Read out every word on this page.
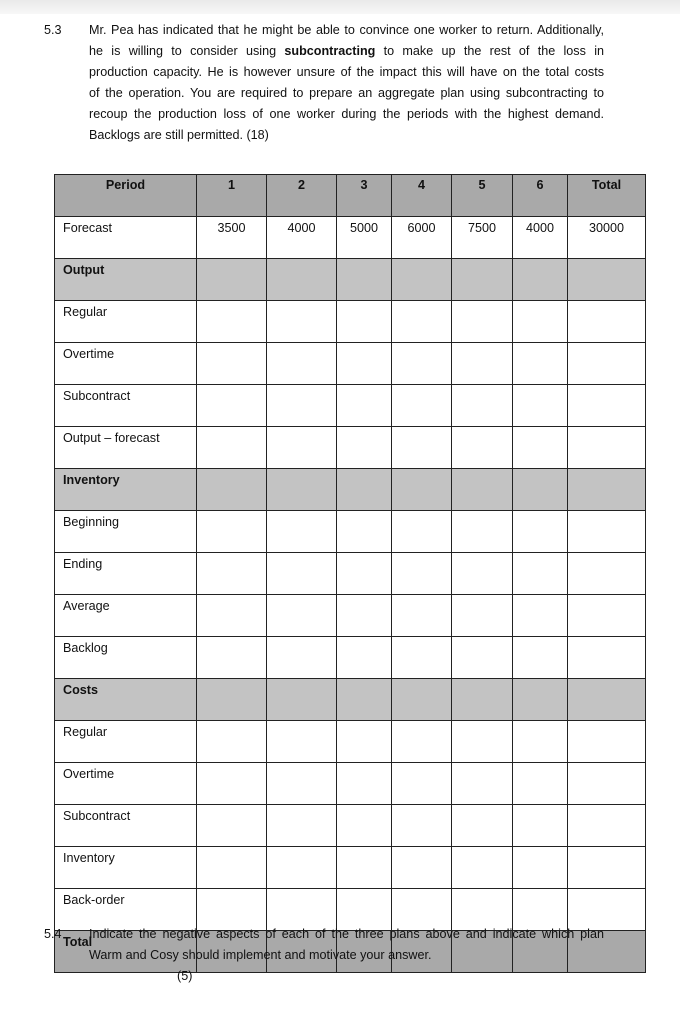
5.3 Mr. Pea has indicated that he might be able to convince one worker to return. Additionally,
he is willing to consider using subcontracting to make up the rest of the loss in
production capacity. He is however unsure of the impact this will have on the total costs
of the operation. You are required to prepare an aggregate plan using subcontracting to
recoup the production loss of one worker during the periods with the highest demand.
Backlogs are still permitted. (18)
Period	1	2	3	4	5	6	Total
Forecast	3500	4000	5000	6000	7500	4000	30000
Output							
Regular							
Overtime							
Subcontract							
Output – forecast							
Inventory							
Beginning							
Ending							
Average							
Backlog							
Costs							
Regular							
Overtime							
Subcontract							
Inventory							
Back-order							
Total							
5.4 Indicate the negative aspects of each of the three plans above and indicate which plan
Warm and Cosy should implement and motivate your answer.
(5)
